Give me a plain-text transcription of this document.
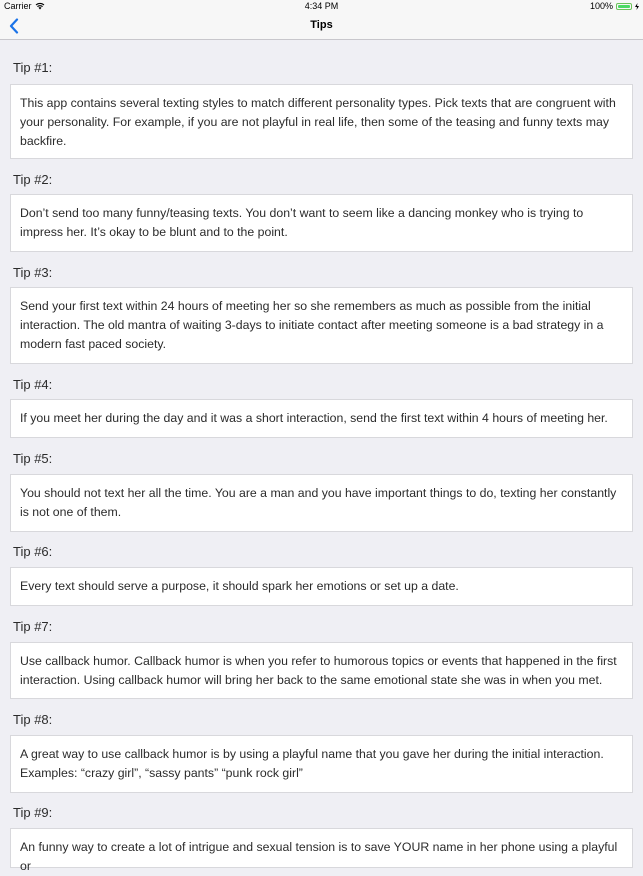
Carrier	4:34 PM	100%
Tips
Tip #1:
This app contains several texting styles to match different personality types. Pick texts that are congruent with your personality. For example, if you are not playful in real life, then some of the teasing and funny texts may backfire.
Tip #2:
Don’t send too many funny/teasing texts. You don’t want to seem like a dancing monkey who is trying to impress her. It’s okay to be blunt and to the point.
Tip #3:
Send your first text within 24 hours of meeting her so she remembers as much as possible from the initial interaction. The old mantra of waiting 3-days to initiate contact after meeting someone is a bad strategy in a modern fast paced society.
Tip #4:
If you meet her during the day and it was a short interaction, send the first text within 4 hours of meeting her.
Tip #5:
You should not text her all the time. You are a man and you have important things to do, texting her constantly is not one of them.
Tip #6:
Every text should serve a purpose, it should spark her emotions or set up a date.
Tip #7:
Use callback humor. Callback humor is when you refer to humorous topics or events that happened in the first interaction. Using callback humor will bring her back to the same emotional state she was in when you met.
Tip #8:
A great way to use callback humor is by using a playful name that you gave her during the initial interaction. Examples: “crazy girl”, “sassy pants” “punk rock girl”
Tip #9:
An funny way to create a lot of intrigue and sexual tension is to save YOUR name in her phone using a playful or
